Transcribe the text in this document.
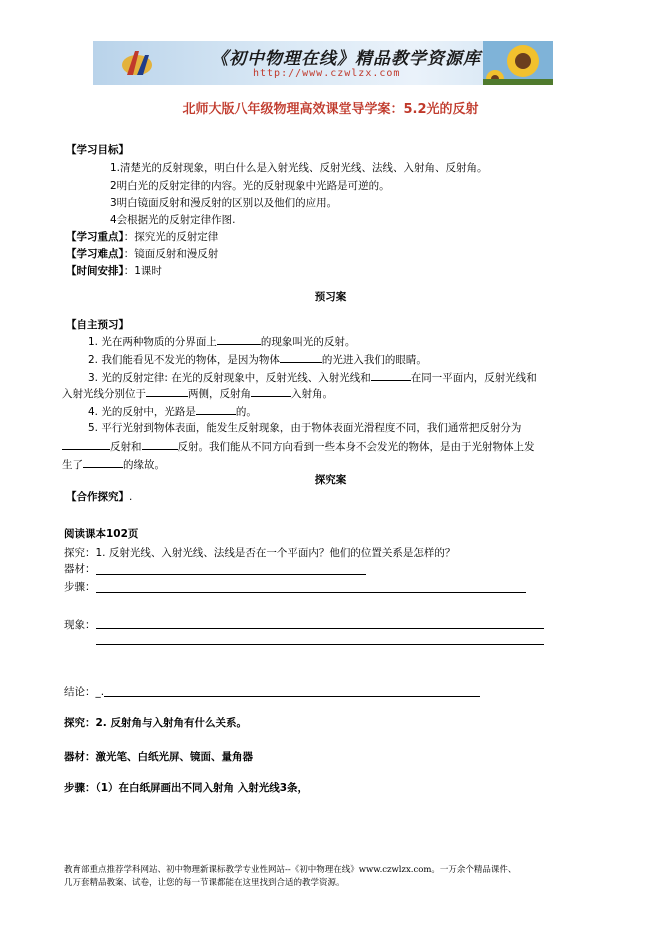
《初中物理在线》精品教学资源库
http://www.czwlzx.com
北师大版八年级物理高效课堂导学案：5.2光的反射
【学习目标】
1.清楚光的反射现象，明白什么是入射光线、反射光线、法线、入射角、反射角。
2明白光的反射定律的内容。光的反射现象中光路是可逆的。
3明白镜面反射和漫反射的区别以及他们的应用。
4会根据光的反射定律作图.
【学习重点】：探究光的反射定律
【学习难点】：镜面反射和漫反射
【时间安排】：1课时
预习案
【自主预习】
1. 光在两种物质的分界面上	的现象叫光的反射。
2. 我们能看见不发光的物体，是因为物体	的光进入我们的眼睛。
3. 光的反射定律: 在光的反射现象中，反射光线、入射光线和	在同一平面内，反射光线和
入射光线分别位于	两侧，反射角	入射角。
4. 光的反射中，光路是	的。
5. 平行光射到物体表面，能发生反射现象，由于物体表面光滑程度不同，我们通常把反射分为
反射和	反射。我们能从不同方向看到一些本身不会发光的物体，是由于光射物体上发
生了	的缘故。
探究案
【合作探究】.
阅读课本102页
探究：1. 反射光线、入射光线、法线是否在一个平面内？他们的位置关系是怎样的？
器材：
步骤：
现象：
结论：_.
探究：2. 反射角与入射角有什么关系。
器材：激光笔、白纸光屏、镜面、量角器
步骤：（1）在白纸屏画出不同入射角 入射光线3条，
教育部重点推荐学科网站、初中物理新课标教学专业性网站--《初中物理在线》www.czwlzx.com。一万余个精品课件、
几万套精品教案、试卷，让您的每一节课都能在这里找到合适的教学资源。
